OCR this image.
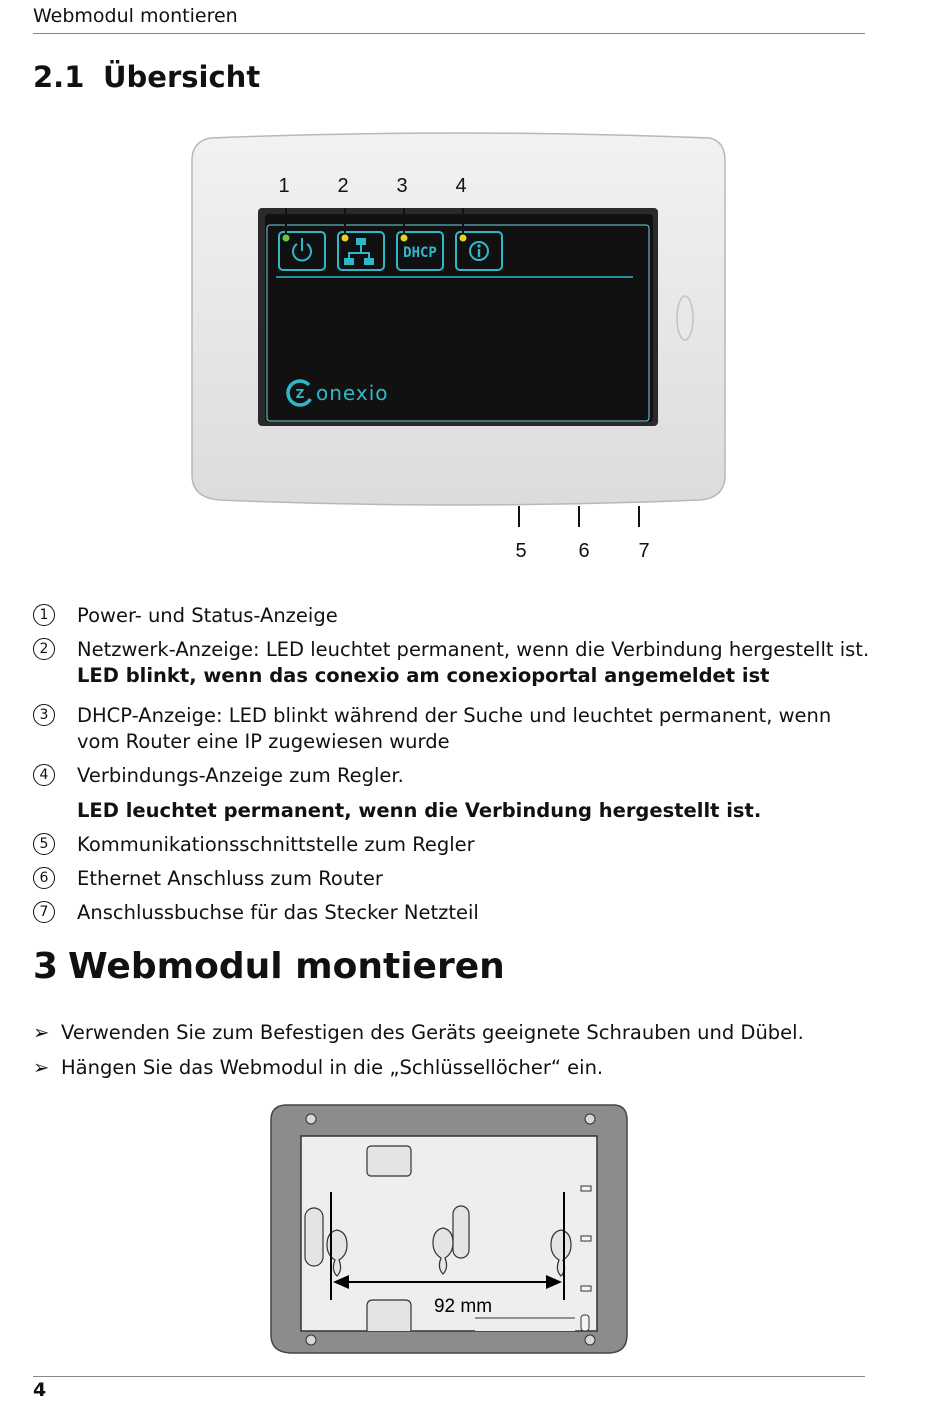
Webmodul montieren
2.1 Übersicht
DHCP
1 2 3 4
Z onexio
5	6 7
1	Power- und Status-Anzeige
2	Netzwerk-Anzeige: LED leuchtet permanent, wenn die Verbindung hergestellt ist.
LED blinkt, wenn das conexio am conexioportal angemeldet ist
3	DHCP-Anzeige: LED blinkt während der Suche und leuchtet permanent, wenn vom Router eine IP zugewiesen wurde
4	Verbindungs-Anzeige zum Regler.
LED leuchtet permanent, wenn die Verbindung hergestellt ist.
5	Kommunikationsschnittstelle zum Regler
6	Ethernet Anschluss zum Router
7	Anschlussbuchse für das Stecker Netzteil
3 Webmodul montieren
➢ Verwenden Sie zum Befestigen des Geräts geeignete Schrauben und Dübel.
➢ Hängen Sie das Webmodul in die „Schlüssellöcher“ ein.
92 mm
4
